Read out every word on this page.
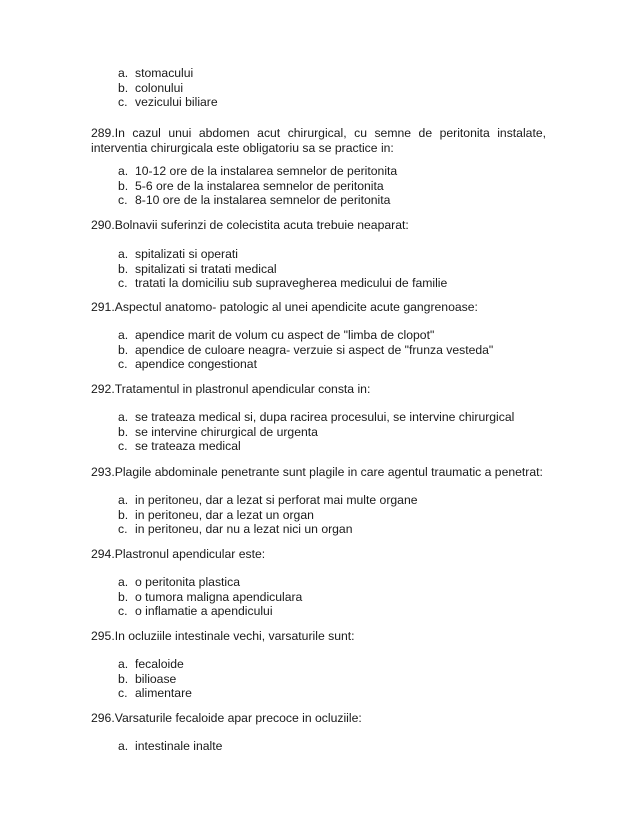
a. stomacului
b. colonului
c. vezicului biliare

289.In cazul unui abdomen acut chirurgical, cu semne de peritonita instalate, interventia chirurgicala este obligatoriu sa se practice in:

a. 10-12 ore de la instalarea semnelor de peritonita
b. 5-6 ore de la instalarea semnelor de peritonita
c. 8-10 ore de la instalarea semnelor de peritonita

290.Bolnavii suferinzi de colecistita acuta trebuie neaparat:

a. spitalizati si operati
b. spitalizati si tratati medical
c. tratati la domiciliu sub supravegherea medicului de familie

291.Aspectul anatomo- patologic al unei apendicite acute gangrenoase:

a. apendice marit de volum cu aspect de "limba de clopot"
b. apendice de culoare neagra- verzuie si aspect de "frunza vestedа"
c. apendice congestionat

292.Tratamentul in plastronul apendicular consta in:

a. se trateaza medical si, dupa racirea procesului, se intervine chirurgical
b. se intervine chirurgical de urgenta
c. se trateaza medical

293.Plagile abdominale penetrante sunt plagile in care agentul traumatic a penetrat:

a. in peritoneu, dar a lezat si perforat mai multe organe
b. in peritoneu, dar a lezat un organ
c. in peritoneu, dar nu a lezat nici un organ

294.Plastronul apendicular este:

a. o peritonita plastica
b. o tumora maligna apendiculara
c. o inflamatie a apendicului

295.In ocluziile intestinale vechi, varsaturile sunt:

a. fecaloide
b. bilioase
c. alimentare

296.Varsaturile fecaloide apar precoce in ocluziile:

a. intestinale inalte
